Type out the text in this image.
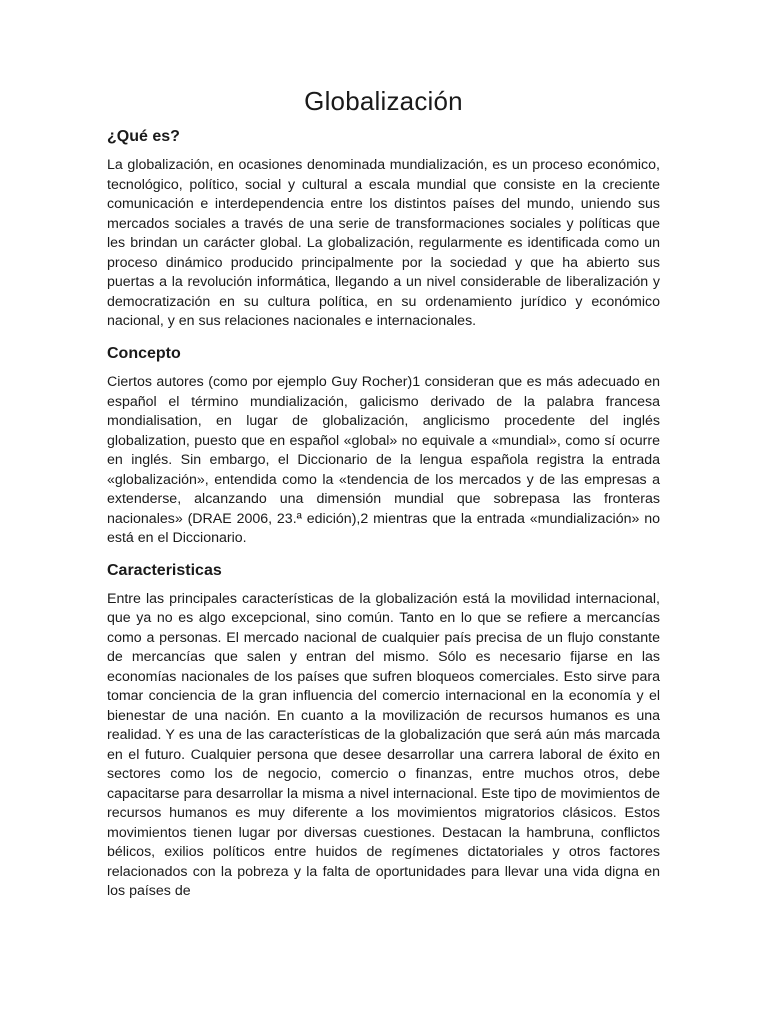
Globalización
¿Qué es?

La globalización, en ocasiones denominada mundialización, es un proceso económico, tecnológico, político, social y cultural a escala mundial que consiste en la creciente comunicación e interdependencia entre los distintos países del mundo, uniendo sus mercados sociales a través de una serie de transformaciones sociales y políticas que les brindan un carácter global. La globalización, regularmente es identificada como un proceso dinámico producido principalmente por la sociedad y que ha abierto sus puertas a la revolución informática, llegando a un nivel considerable de liberalización y democratización en su cultura política, en su ordenamiento jurídico y económico nacional, y en sus relaciones nacionales e internacionales.

Concepto

Ciertos autores (como por ejemplo Guy Rocher)1 consideran que es más adecuado en español el término mundialización, galicismo derivado de la palabra francesa mondialisation, en lugar de globalización, anglicismo procedente del inglés globalization, puesto que en español «global» no equivale a «mundial», como sí ocurre en inglés. Sin embargo, el Diccionario de la lengua española registra la entrada «globalización», entendida como la «tendencia de los mercados y de las empresas a extenderse, alcanzando una dimensión mundial que sobrepasa las fronteras nacionales» (DRAE 2006, 23.ª edición),2 mientras que la entrada «mundialización» no está en el Diccionario.

Caracteristicas

Entre las principales características de la globalización está la movilidad internacional, que ya no es algo excepcional, sino común. Tanto en lo que se refiere a mercancías como a personas. El mercado nacional de cualquier país precisa de un flujo constante de mercancías que salen y entran del mismo. Sólo es necesario fijarse en las economías nacionales de los países que sufren bloqueos comerciales. Esto sirve para tomar conciencia de la gran influencia del comercio internacional en la economía y el bienestar de una nación. En cuanto a la movilización de recursos humanos es una realidad. Y es una de las características de la globalización que será aún más marcada en el futuro. Cualquier persona que desee desarrollar una carrera laboral de éxito en sectores como los de negocio, comercio o finanzas, entre muchos otros, debe capacitarse para desarrollar la misma a nivel internacional. Este tipo de movimientos de recursos humanos es muy diferente a los movimientos migratorios clásicos. Estos movimientos tienen lugar por diversas cuestiones. Destacan la hambruna, conflictos bélicos, exilios políticos entre huidos de regímenes dictatoriales y otros factores relacionados con la pobreza y la falta de oportunidades para llevar una vida digna en los países de
